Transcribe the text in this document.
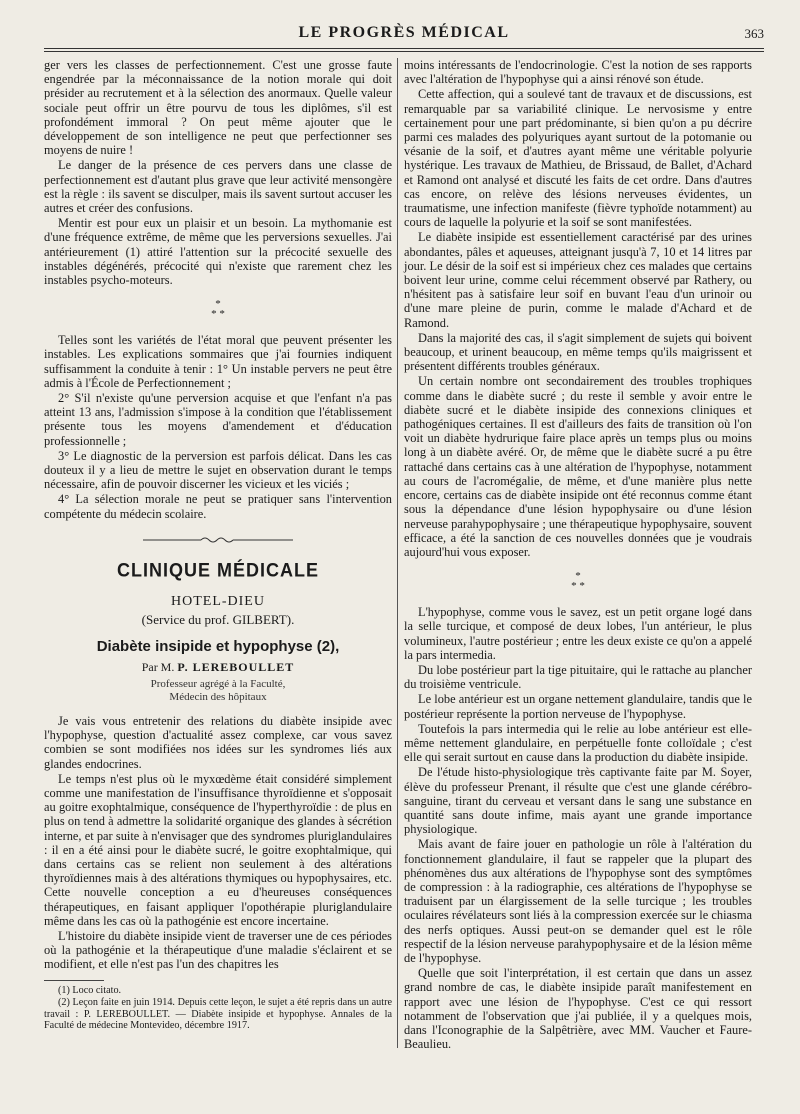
LE PROGRÈS MÉDICAL	363

ger vers les classes de perfectionnement. C'est une grosse faute engendrée par la méconnaissance de la notion morale qui doit présider au recrutement et à la sélection des anormaux. Quelle valeur sociale peut offrir un être pourvu de tous les diplômes, s'il est profondément immoral ? On peut même ajouter que le développement de son intelligence ne peut que perfectionner ses moyens de nuire !

Le danger de la présence de ces pervers dans une classe de perfectionnement est d'autant plus grave que leur activité mensongère est la règle : ils savent se disculper, mais ils savent surtout accuser les autres et créer des confusions.

Mentir est pour eux un plaisir et un besoin. La mythomanie est d'une fréquence extrême, de même que les perversions sexuelles. J'ai antérieurement (1) attiré l'attention sur la précocité sexuelle des instables dégénérés, précocité qui n'existe que rarement chez les instables psycho-moteurs.

*
* *

Telles sont les variétés de l'état moral que peuvent présenter les instables. Les explications sommaires que j'ai fournies indiquent suffisamment la conduite à tenir : 1° Un instable pervers ne peut être admis à l'École de Perfectionnement ;

2° S'il n'existe qu'une perversion acquise et que l'enfant n'a pas atteint 13 ans, l'admission s'impose à la condition que l'établissement présente tous les moyens d'amendement et d'éducation professionnelle ;

3° Le diagnostic de la perversion est parfois délicat. Dans les cas douteux il y a lieu de mettre le sujet en observation durant le temps nécessaire, afin de pouvoir discerner les vicieux et les viciés ;

4° La sélection morale ne peut se pratiquer sans l'intervention compétente du médecin scolaire.

CLINIQUE MÉDICALE
HOTEL-DIEU
(Service du prof. GILBERT).
Diabète insipide et hypophyse (2),
Par M. P. LEREBOULLET
Professeur agrégé à la Faculté,
Médecin des hôpitaux

Je vais vous entretenir des relations du diabète insipide avec l'hypophyse, question d'actualité assez complexe, car vous savez combien se sont modifiées nos idées sur les syndromes liés aux glandes endocrines.

Le temps n'est plus où le myxœdème était considéré simplement comme une manifestation de l'insuffisance thyroïdienne et s'opposait au goitre exophtalmique, conséquence de l'hyperthyroïdie : de plus en plus on tend à admettre la solidarité organique des glandes à sécrétion interne, et par suite à n'envisager que des syndromes pluriglandulaires : il en a été ainsi pour le diabète sucré, le goitre exophtalmique, qui dans certains cas se relient non seulement à des altérations thyroïdiennes mais à des altérations thymiques ou hypophysaires, etc. Cette nouvelle conception a eu d'heureuses conséquences thérapeutiques, en faisant appliquer l'opothérapie pluriglandulaire même dans les cas où la pathogénie est encore incertaine.

L'histoire du diabète insipide vient de traverser une de ces périodes où la pathogénie et la thérapeutique d'une maladie s'éclairent et se modifient, et elle n'est pas l'un des chapitres les

(1) Loco citato.

(2) Leçon faite en juin 1914. Depuis cette leçon, le sujet a été repris dans un autre travail : P. LEREBOULLET. — Diabète insipide et hypophyse. Annales de la Faculté de médecine Montevideo, décembre 1917.

moins intéressants de l'endocrinologie. C'est la notion de ses rapports avec l'altération de l'hypophyse qui a ainsi rénové son étude.

Cette affection, qui a soulevé tant de travaux et de discussions, est remarquable par sa variabilité clinique. Le nervosisme y entre certainement pour une part prédominante, si bien qu'on a pu décrire parmi ces malades des polyuriques ayant surtout de la potomanie ou vésanie de la soif, et d'autres ayant même une véritable polyurie hystérique. Les travaux de Mathieu, de Brissaud, de Ballet, d'Achard et Ramond ont analysé et discuté les faits de cet ordre. Dans d'autres cas encore, on relève des lésions nerveuses évidentes, un traumatisme, une infection manifeste (fièvre typhoïde notamment) au cours de laquelle la polyurie et la soif se sont manifestées.

Le diabète insipide est essentiellement caractérisé par des urines abondantes, pâles et aqueuses, atteignant jusqu'à 7, 10 et 14 litres par jour. Le désir de la soif est si impérieux chez ces malades que certains boivent leur urine, comme celui récemment observé par Rathery, ou n'hésitent pas à satisfaire leur soif en buvant l'eau d'un urinoir ou d'une mare pleine de purin, comme le malade d'Achard et de Ramond.

Dans la majorité des cas, il s'agit simplement de sujets qui boivent beaucoup, et urinent beaucoup, en même temps qu'ils maigrissent et présentent différents troubles généraux.

Un certain nombre ont secondairement des troubles trophiques comme dans le diabète sucré ; du reste il semble y avoir entre le diabète sucré et le diabète insipide des connexions cliniques et pathogéniques certaines. Il est d'ailleurs des faits de transition où l'on voit un diabète hydrurique faire place après un temps plus ou moins long à un diabète avéré. Or, de même que le diabète sucré a pu être rattaché dans certains cas à une altération de l'hypophyse, notamment au cours de l'acromégalie, de même, et d'une manière plus nette encore, certains cas de diabète insipide ont été reconnus comme étant sous la dépendance d'une lésion hypophysaire ou d'une lésion nerveuse parahypophysaire ; une thérapeutique hypophysaire, souvent efficace, a été la sanction de ces nouvelles données que je voudrais aujourd'hui vous exposer.

*
* *

L'hypophyse, comme vous le savez, est un petit organe logé dans la selle turcique, et composé de deux lobes, l'un antérieur, le plus volumineux, l'autre postérieur ; entre les deux existe ce qu'on a appelé la pars intermedia.

Du lobe postérieur part la tige pituitaire, qui le rattache au plancher du troisième ventricule.

Le lobe antérieur est un organe nettement glandulaire, tandis que le postérieur représente la portion nerveuse de l'hypophyse.

Toutefois la pars intermedia qui le relie au lobe antérieur est elle-même nettement glandulaire, en perpétuelle fonte colloïdale ; c'est elle qui serait surtout en cause dans la production du diabète insipide.

De l'étude histo-physiologique très captivante faite par M. Soyer, élève du professeur Prenant, il résulte que c'est une glande cérébro-sanguine, tirant du cerveau et versant dans le sang une substance en quantité sans doute infime, mais ayant une grande importance physiologique.

Mais avant de faire jouer en pathologie un rôle à l'altération du fonctionnement glandulaire, il faut se rappeler que la plupart des phénomènes dus aux altérations de l'hypophyse sont des symptômes de compression : à la radiographie, ces altérations de l'hypophyse se traduisent par un élargissement de la selle turcique ; les troubles oculaires révélateurs sont liés à la compression exercée sur le chiasma des nerfs optiques. Aussi peut-on se demander quel est le rôle respectif de la lésion nerveuse parahypophysaire et de la lésion même de l'hypophyse.

Quelle que soit l'interprétation, il est certain que dans un assez grand nombre de cas, le diabète insipide paraît manifestement en rapport avec une lésion de l'hypophyse. C'est ce qui ressort notamment de l'observation que j'ai publiée, il y a quelques mois, dans l'Iconographie de la Salpêtrière, avec MM. Vaucher et Faure-Beaulieu.
